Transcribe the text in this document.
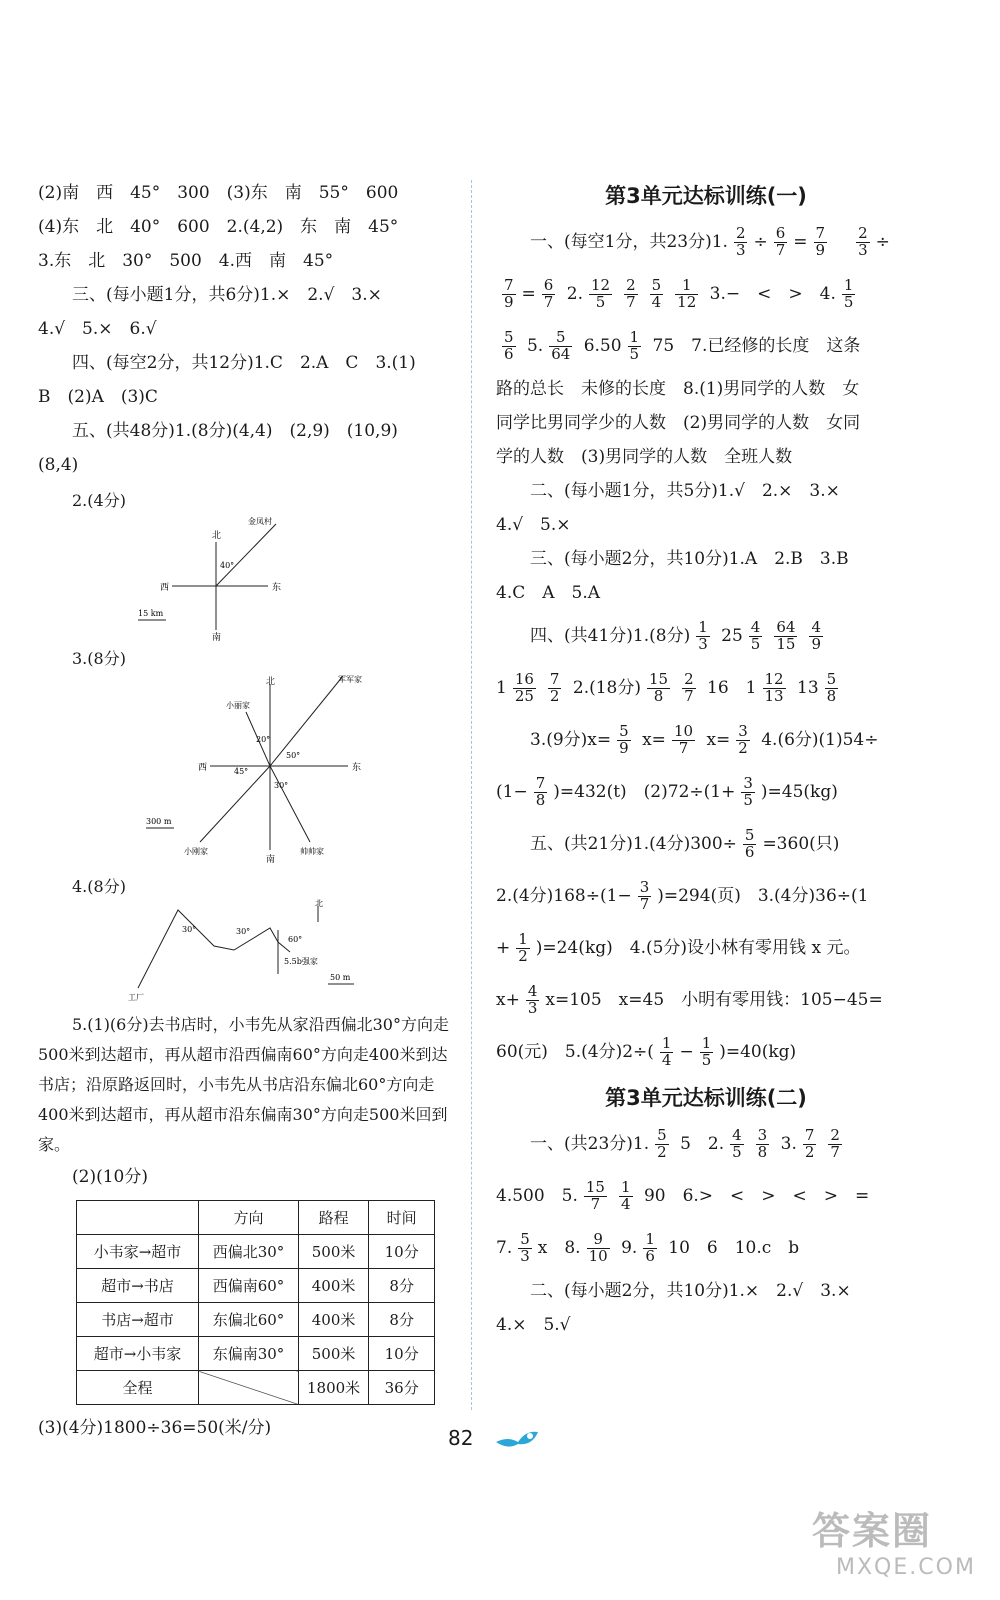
(2)南　西　45°　300　(3)东　南　55°　600
(4)东　北　40°　600　2.(4,2)　东　南　45°
3.东　北　30°　500　4.西　南　45°
三、(每小题1分，共6分)1.×　2.√　3.×
4.√　5.×　6.√
四、(每空2分，共12分)1.C　2.A　C　3.(1)
B　(2)A　(3)C
五、(共48分)1.(8分)(4,4)　(2,9)　(10,9)
(8,4)
2.(4分)
北
南
东
西
金凤村
40°
15 km
3.(8分)
北
南
东
西
小丽家
军军家
小刚家	帅帅家
20°
50°
45°
30°
300 m
4.(8分)
北
30°	30°
60°
5.5b强家
工厂
50 m
5.(1)(6分)去书店时，小韦先从家沿西偏北30°方向走500米到达超市，再从超市沿西偏南60°方向走400米到达书店；沿原路返回时，小韦先从书店沿东偏北60°方向走400米到达超市，再从超市沿东偏南30°方向走500米回到家。
(2)(10分)
	方向	路程	时间
小韦家→超市	西偏北30°	500米	10分
超市→书店	西偏南60°	400米	8分
书店→超市	东偏北60°	400米	8分
超市→小韦家	东偏南30°	500米	10分
全程		1800米	36分
(3)(4分)1800÷36=50(米/分)
第3单元达标训练(一)
一、(每空1分，共23分)1. $\frac{2}{3} \div \frac{6}{7} = \frac{7}{9}$
　 $\frac{2}{3}$ ÷
$\frac{7}{9} = \frac{6}{7} 2$. $\frac{12}{5} \frac{2}{7} \frac{5}{4} \frac{1}{12} 3.-$　<　>　4. $\frac{1}{5}$
$\frac{5}{6} 5$. $\frac{5}{64} 6.50 \frac{1}{5} 75$　7.已经修的长度　这条
路的总长　未修的长度　8.(1)男同学的人数　女
同学比男同学少的人数　(2)男同学的人数　女同
学的人数　(3)男同学的人数　全班人数
二、(每小题1分，共5分)1.√　2.×　3.×
4.√　5.×
三、(每小题2分，共10分)1.A　2.B　3.B
4.C　A　5.A
四、(共41分)1.(8分) $\frac{1}{3} 25 \frac{4}{5} \frac{64}{15} \frac{4}{9}$
$1 \frac{16}{25} \frac{7}{2} 2.(18$分) $\frac{15}{8} \frac{2}{7} 16$　$1 \frac{12}{13} 13 \frac{5}{8}$
3.(9分)$x= \frac{5}{9} x= \frac{10}{7} x= \frac{3}{2} 4.(6$分)(1)54÷
$(1- \frac{7}{8} )=432(t)$　$(2)72\div(1+ \frac{3}{5} )=45(kg)$
五、(共21分)1.(4分)$300\div \frac{5}{6} =360$(只)
2.(4分)$168\div(1- \frac{3}{7} )=294$(页)　3.(4分)36÷(1
+ $\frac{1}{2} )=24(kg)$　4.(5分)设小林有零用钱 x 元。
$x+ \frac{4}{3} x=105$　x=45　小明有零用钱：105−45=
60(元)　5.(4分)$2\div( \frac{1}{4} - \frac{1}{5} )=40(kg)$
第3单元达标训练(二)
一、(共23分)1. $\frac{5}{2} 5$　2. $\frac{4}{5} \frac{3}{8} 3$. $\frac{7}{2} \frac{2}{7}$
4.500　5. $\frac{15}{7} \frac{1}{4} 90$　6.>　<　>　<　>　=
7. $\frac{5}{3}$ x　8. $\frac{9}{10} 9$. $\frac{1}{6} 10$　6　10.c　b
二、(每小题2分，共10分)1.×　2.√　3.×
4.×　5.√
82
答案圈
MXQE.COM
